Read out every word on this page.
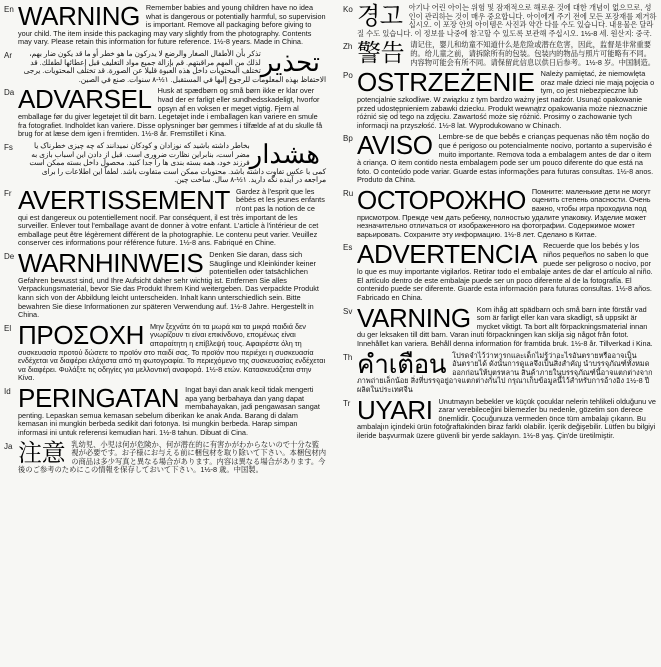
En WARNING Remember babies and young children have no idea what is dangerous or potentially harmful, so supervision is important. Remove all packaging before giving to your child. The item inside this packaging may vary slightly from the photography. Contents may vary. Please retain this information for future reference. 1½-8 years. Made in China.
Ar	تحذير
تذكر بأن الأطفال الصغار والرضع لا يدركون ما هو خطر أو ما قد يكون ضار بهم، لذلك من المهم مراقبتهم. قم بإزالة جميع مواد التغليف قبل إعطائها لطفلك. قد تختلف المحتويات داخل هذه العبوة قليلا عن الصورة. قد تختلف المحتويات. يرجى الاحتفاظ بهذه المعلومات للرجوع إليها في المستقبل. ١½-٨ سنوات. صنع في الصين.
Da ADVARSEL Husk at spædbørn og små børn ikke er klar over hvad der er farligt eller sundhedsskadeligt, hvorfor opsyn af en voksen er meget vigtig. Fjern al emballage før du giver legetøjet til dit barn. Legetøjet inde i emballagen kan variere en smule fra fotografiet. Indholdet kan variere. Disse oplysninger bør gemmes i tilfælde af at du skulle få brug for at læse dem igen i fremtiden. 1½-8 år. Fremstillet i Kina.
Fs	هشدار
بخاطر داشته باشید که نوزادان و کودکان نمیدانند که چه چیزی خطرناک یا مضر است، بنابراین نظارت ضروری است. قبل از دادن این اسباب بازی به فرزند خود، همه بسته بندی ها را جدا کنید. محصول داخل بسته ممکن است کمی با عکس تفاوت داشته باشد. محتویات ممکن است متفاوت باشد. لطفاً این اطلاعات را برای مراجعه در آینده نگه دارید. ١½-٨ سال. ساخت چین.
Fr AVERTISSEMENT Gardez à l'esprit que les bébés et les jeunes enfants n'ont pas la notion de ce qui est dangereux ou potentiellement nocif. Par conséquent, il est très important de les surveiller. Enlever tout l'emballage avant de donner à votre enfant. L'article à l'intérieur de cet emballage peut être légèrement différent de la photographie. Le contenu peut varier. Veuillez conserver ces informations pour référence future. 1½-8 ans. Fabriqué en Chine.
De WARNHINWEIS Denken Sie daran, dass sich Säuglinge und Kleinkinder keiner potentiellen oder tatsächlichen Gefahren bewusst sind, und Ihre Aufsicht daher sehr wichtig ist. Entfernen Sie alles Verpackungsmaterial, bevor Sie das Produkt Ihrem Kind weitergeben. Das verpackte Produkt kann sich von der Abbildung leicht unterscheiden. Inhalt kann unterschiedlich sein. Bitte bewahren Sie diese Informationen zur späteren Verwendung auf. 1½-8 Jahre. Hergestellt in China.
El ΠΡΟΣΟΧΗ Μην ξεχνάτε ότι τα μωρά και τα μικρά παιδιά δεν γνωρίζουν τι είναι επικίνδυνο, επομένως είναι απαραίτητη η επίβλεψή τους. Αφαιρέστε όλη τη συσκευασία προτού δώσετε το προϊόν στο παιδί σας. Το προϊόν που περιέχει η συσκευασία ενδέχεται να διαφέρει ελάχιστα από τη φωτογραφία. Το περιεχόμενο της συσκευασίας ενδέχεται να διαφέρει. Φυλάξτε τις οδηγίες για μελλοντική αναφορά. 1½-8 ετών. Κατασκευάζεται στην Κίνα.
Id PERINGATAN Ingat bayi dan anak kecil tidak mengerti apa yang berbahaya dan yang dapat membahayakan, jadi pengawasan sangat penting. Lepaskan semua kemasan sebelum diberikan ke anak Anda. Barang di dalam kemasan ini mungkin berbeda sedikit dari fotonya. Isi mungkin berbeda. Harap simpan informasi ini untuk referensi kemudian hari. 1½-8 tahun. Dibuat di Cina.
Ja 注意 乳幼児、小児は何が危険か、何が潜在的に有害かがわからないので十分な監視が必要です。お子様にお与える前に梱包材を取り除いて下さい。本梱包材内の商品は多少写真と異なる場合があります。内容は異なる場合があります。今後のご参考のためにこの情報を保存しておいて下さい。1½-8 歳。中国製。
Ko 경고 아기나 어린 아이는 위험 및 잠재적으로 해로운 것에 대한 개념이 없으므로, 성인이 관리하는 것이 매우 중요합니다. 아이에게 주기 전에 모든 포장재를 제거하십시오. 이 포장 안의 아이템은 사진과 약간 다를 수도 있습니다. 내용물은 달라질 수도 있습니다. 이 정보를 나중에 참고할 수 있도록 보관해 주십시오. 1½-8 세. 원산지: 중국.
Zh 警告 请记住，婴儿和幼童不知道什么是危险或潜在危害，因此，监督是非常重要的。给儿童之前，请拆除所有的包装。包装内的物品与照片可能略有不同。内容物可能会有所不同。请保留此信息以供日后参考。1½-8 岁。中国制造。
Po OSTRZEŻENIE Należy pamiętać, że niemowlęta oraz małe dzieci nie mają pojęcia o tym, co jest niebezpieczne lub potencjalnie szkodliwe. W związku z tym bardzo ważny jest nadzór. Usunąć opakowanie przed udostępnieniem zabawki dziecku. Produkt wewnątrz opakowania może nieznacznie różnić się od tego na zdjęciu. Zawartość może się różnić. Prosimy o zachowanie tych informacji na przyszłość. 1½-8 lat. Wyprodukowano w Chinach.
Bp AVISO Lembre-se de que bebês e crianças pequenas não têm noção do que é perigoso ou potencialmente nocivo, portanto a supervisão é muito importante. Remova toda a embalagem antes de dar o item à criança. O item contido nesta embalagem pode ser um pouco diferente do que está na foto. O conteúdo pode variar. Guarde estas informações para futuras consultas. 1½-8 anos. Produto da China.
Ru ОСТОРОЖНО Помните: маленькие дети не могут оценить степень опасности. Очень важно, чтобы игра проходила под присмотром. Прежде чем дать ребенку, полностью удалите упаковку. Изделие может незначительно отличаться от изображенного на фотографии. Содержимое может варьировать. Сохраните эту информацию. 1½-8 лет. Сделано в Китае.
Es ADVERTENCIA Recuerde que los bebés y los niños pequeños no saben lo que puede ser peligroso o nocivo, por lo que es muy importante vigilarlos. Retirar todo el embalaje antes de dar el artículo al niño. El artículo dentro de este embalaje puede ser un poco diferente al de la fotografía. El contenido puede ser diferente. Guarde esta información para futuras consultas. 1½-8 años. Fabricado en China.
Sv VARNING Kom ihåg att spädbarn och små barn inte förstår vad som är farligt eller kan vara skadligt, så uppsikt är mycket viktigt. Ta bort allt förpackningsmaterial innan du ger leksaken till ditt barn. Varan inuti förpackningen kan skilja sig något från fotot. Innehållet kan variera. Behåll denna information för framtida bruk. 1½-8 år. Tillverkad i Kina.
Th คำเตือน โปรดจำไว้ว่าทารกและเด็กไม่รู้ว่าอะไรอันตรายหรืออาจเป็นอันตรายได้ ดังนั้นการดูแลจึงเป็นสิ่งสำคัญ นำบรรจุภัณฑ์ทั้งหมดออกก่อนให้บุตรหลาน สินค้าภายในบรรจุภัณฑ์นี้อาจแตกต่างจากภาพถ่ายเล็กน้อย สิ่งที่บรรจุอยู่อาจแตกต่างกันไป กรุณาเก็บข้อมูลนี้ไว้สำหรับการอ้างอิง 1½-8 ปี ผลิตในประเทศจีน
Tr UYARI Unutmayın bebekler ve küçük çocuklar nelerin tehlikeli olduğunu ve zarar verebileceğini bilemezler bu nedenle, gözetim son derece önemlidir. Çocuğunuza vermeden önce tüm ambalajı çıkarın. Bu ambalajın içindeki ürün fotoğraftakinden biraz farklı olabilir. İçerik değişebilir. Lütfen bu bilgiyi ileride başvurmak üzere güvenli bir yerde saklayın. 1½-8 yaş. Çin'de üretilmiştir.
